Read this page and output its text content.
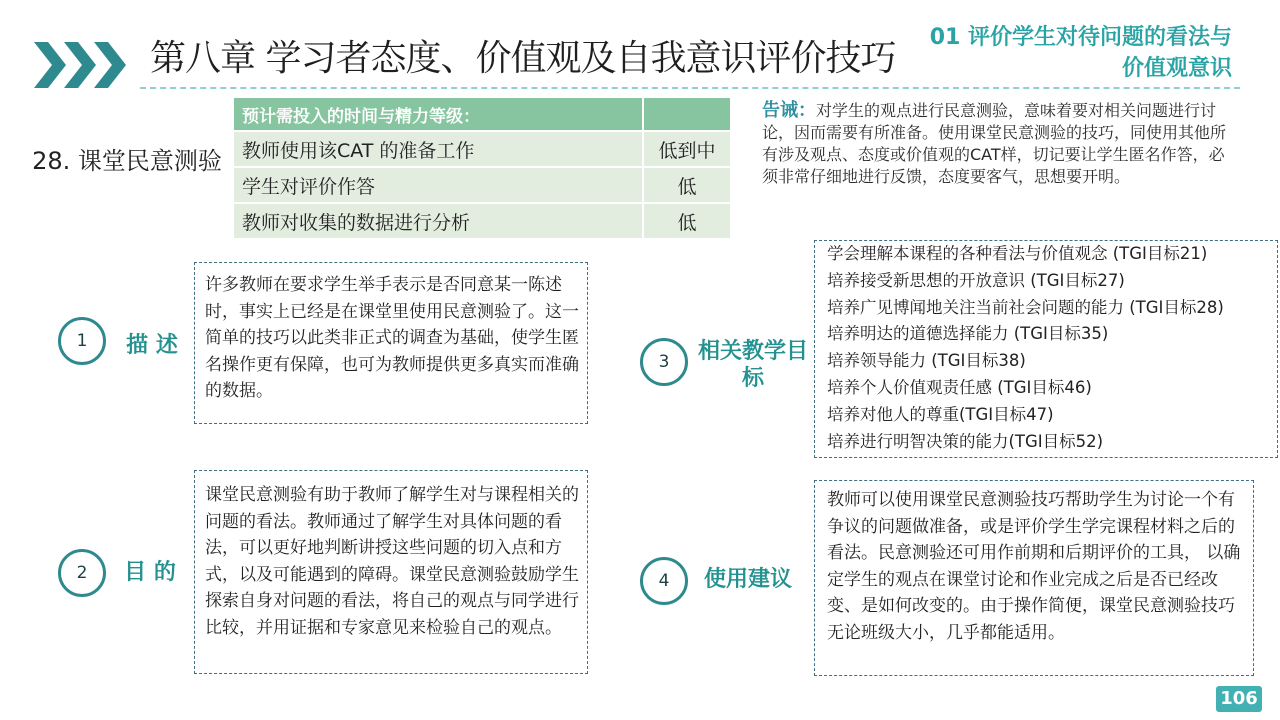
第八章 学习者态度、价值观及自我意识评价技巧
01 评价学生对待问题的看法与价值观意识
28. 课堂民意测验
预计需投入的时间与精力等级：	
教师使用该CAT 的准备工作	低到中
学生对评价作答	低
教师对收集的数据进行分析	低
告诫：对学生的观点进行民意测验，意味着要对相关问题进行讨论，因而需要有所准备。使用课堂民意测验的技巧，同使用其他所有涉及观点、态度或价值观的CAT样，切记要让学生匿名作答，必须非常仔细地进行反馈，态度要客气，思想要开明。
1	描 述

许多教师在要求学生举手表示是否同意某一陈述时，事实上已经是在课堂里使用民意测验了。这一简单的技巧以此类非正式的调查为基础，使学生匿名操作更有保障，也可为教师提供更多真实而准确的数据。

2	目 的

课堂民意测验有助于教师了解学生对与课程相关的问题的看法。教师通过了解学生对具体问题的看法，可以更好地判断讲授这些问题的切入点和方式，以及可能遇到的障碍。课堂民意测验鼓励学生探索自身对问题的看法，将自己的观点与同学进行比较，并用证据和专家意见来检验自己的观点。

3	相关教学目标
学会理解本课程的各种看法与价值观念 (TGI目标21)
培养接受新思想的开放意识 (TGI目标27)
培养广见博闻地关注当前社会问题的能力 (TGI目标28)
培养明达的道德选择能力 (TGI目标35)
培养领导能力 (TGI目标38)
培养个人价值观责任感 (TGI目标46)
培养对他人的尊重(TGI目标47)
培养进行明智决策的能力(TGI目标52)
4	使用建议

教师可以使用课堂民意测验技巧帮助学生为讨论一个有争议的问题做准备，或是评价学生学完课程材料之后的看法。民意测验还可用作前期和后期评价的工具， 以确定学生的观点在课堂讨论和作业完成之后是否已经改变、是如何改变的。由于操作简便，课堂民意测验技巧无论班级大小，几乎都能适用。

106
